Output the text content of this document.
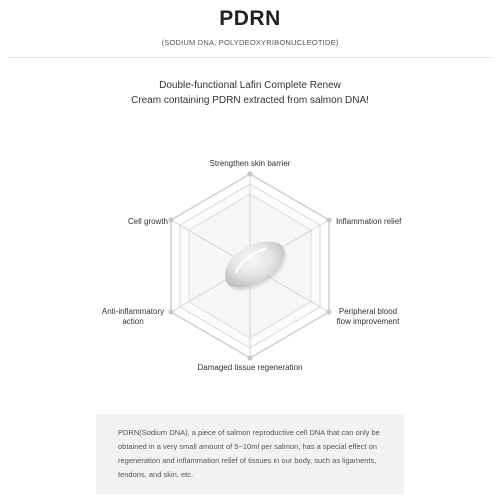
PDRN
(SODIUM DNA, POLYDEOXYRIBONUCLEOTIDE)
Double-functional Lafin Complete Renew
Cream containing PDRN extracted from salmon DNA!
Strengthen skin barrier
Inflammation relief
Peripheral blood
flow improvement
Damaged tissue regeneration
Anti-inflammatory
action
Cell growth
PDRN(Sodium DNA), a piece of salmon reproductive cell DNA that can only be obtained in a very small amount of 5~10ml per salmon, has a special effect on regeneration and inflammation relief of tissues in our body, such as ligaments, tendons, and skin, etc.
